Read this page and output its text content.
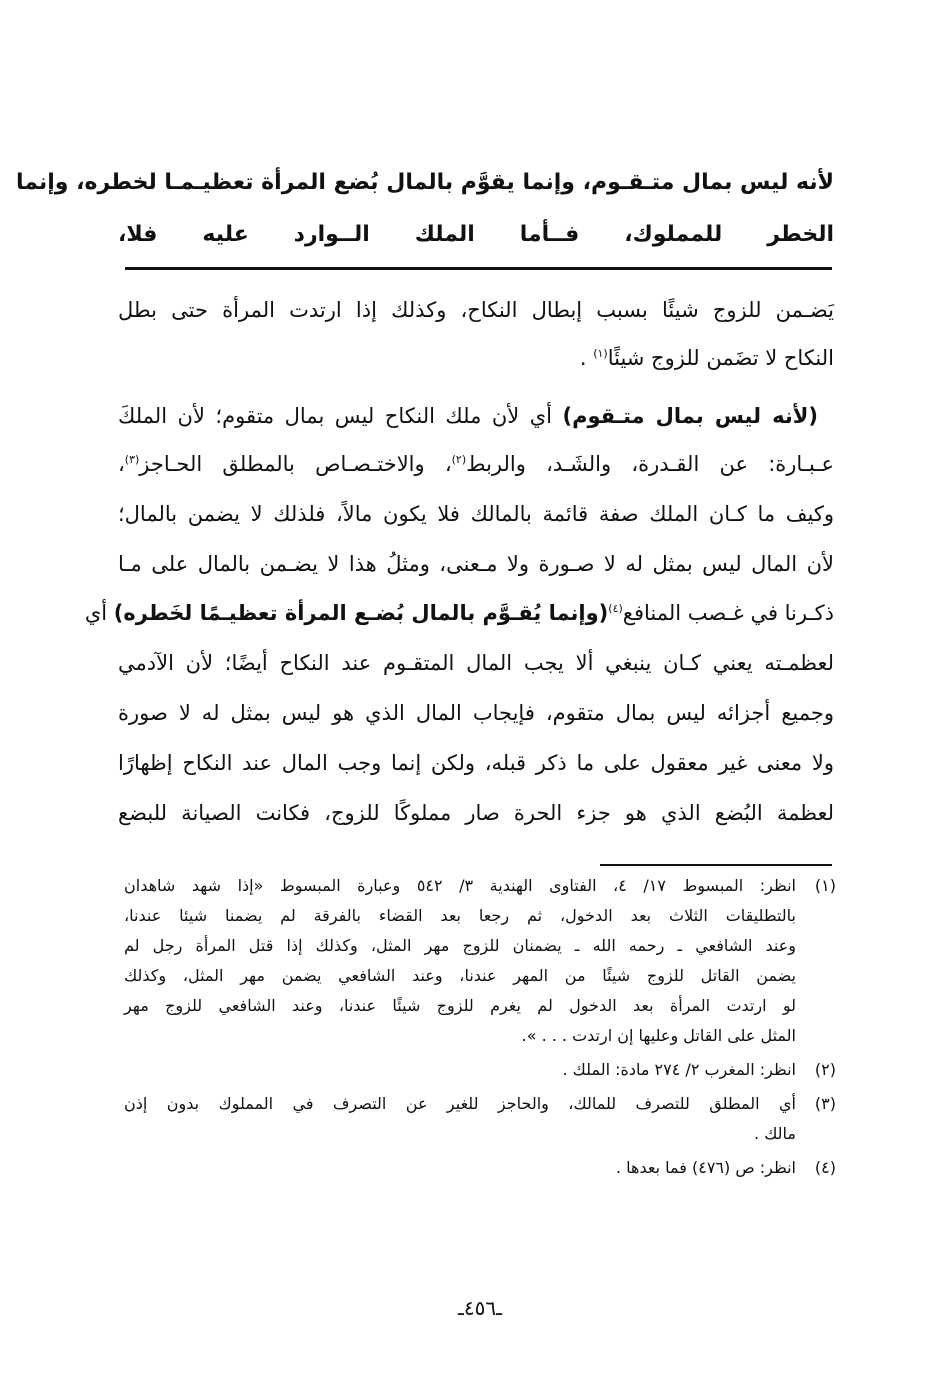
لأنه ليس بمال متـقـوم، وإنما يقوَّم بالمال بُضع المرأة تعظيـمـا لخطره، وإنما
الخطر للمملوك، فــأما الملك الــوارد عليه فلا،
يَضـمن للزوج شيئًا بسبب إبطال النكاح، وكذلك إذا ارتدت المرأة حتى بطل
النكاح لا تضَمن للزوج شيئًا$^{(١)}$ .
(لأنه ليس بمال متـقوم) أي لأن ملك النكاح ليس بمال متقوم؛ لأن الملكَ
عـبـارة: عن القـدرة، والشَـد، والربط$^{(٢)}$، والاختـصـاص بالمطلق الحـاجز$^{(٣)}$،
وكيف ما كـان الملك صفة قائمة بالمالك فلا يكون مالاً، فلذلك لا يضمن بالمال؛
لأن المال ليس بمثل له لا صـورة ولا مـعنى، ومثلُ هذا لا يضـمن بالمال على مـا
ذكـرنا في غـصب المنافع$^{(٤)}$(وإنما يُقـوَّم بالمال بُضـع المرأة تعظيـمًا لخَطره) أي
لعظمـته يعني كـان ينبغي ألا يجب المال المتقـوم عند النكاح أيضًا؛ لأن الآدمي
وجميع أجزائه ليس بمال متقوم، فإيجاب المال الذي هو ليس بمثل له لا صورة
ولا معنى غير معقول على ما ذكر قبله، ولكن إنما وجب المال عند النكاح إظهارًا
لعظمة البُضع الذي هو جزء الحرة صار مملوكًا للزوج، فكانت الصيانة للبضع
(١)
انظر: المبسوط ١٧/ ٤، الفتاوى الهندية ٣/ ٥٤٢ وعبارة المبسوط «إذا شهد شاهدان
بالتطليقات الثلاث بعد الدخول، ثم رجعا بعد القضاء بالفرقة لم يضمنا شيئا عندنا،
وعند الشافعي ـ رحمه الله ـ يضمنان للزوج مهر المثل، وكذلك إذا قتل المرأة رجل لم
يضمن القاتل للزوج شيئًا من المهر عندنا، وعند الشافعي يضمن مهر المثل، وكذلك
لو ارتدت المرأة بعد الدخول لم يغرم للزوج شيئًا عندنا، وعند الشافعي للزوج مهر
المثل على القاتل وعليها إن ارتدت . . . ».
(٢)
انظر: المغرب ٢/ ٢٧٤ مادة: الملك .
(٣)
أي المطلق للتصرف للمالك، والحاجز للغير عن التصرف في المملوك بدون إذن
مالك .
(٤)
انظر: ص (٤٧٦) فما بعدها .
ـ٤٥٦ـ
